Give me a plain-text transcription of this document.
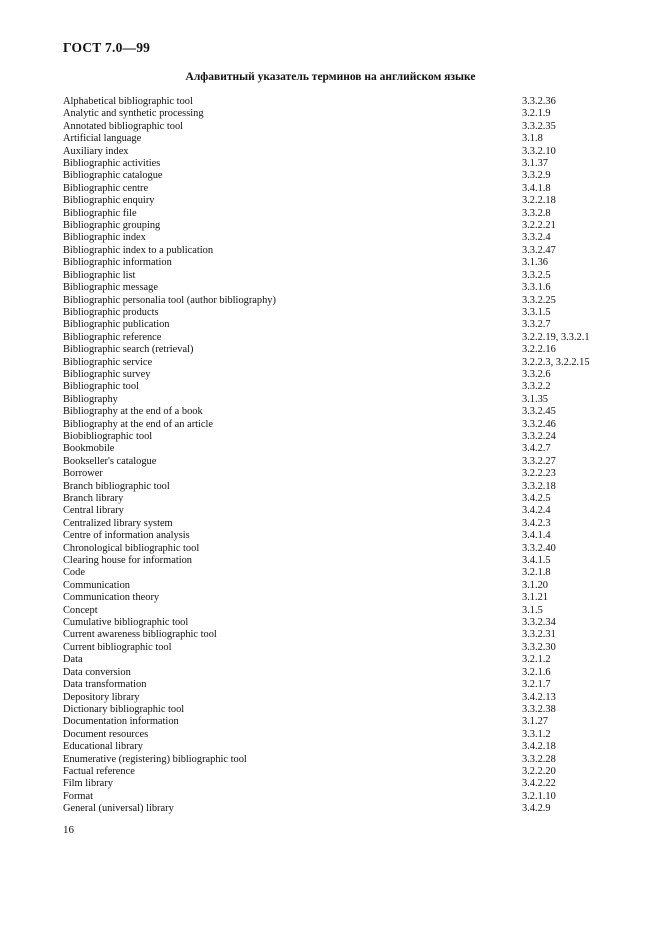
ГОСТ 7.0—99
Алфавитный указатель терминов на английском языке
Alphabetical bibliographic tool	3.3.2.36
Analytic and synthetic processing	3.2.1.9
Annotated bibliographic tool	3.3.2.35
Artificial language	3.1.8
Auxiliary index	3.3.2.10
Bibliographic activities	3.1.37
Bibliographic catalogue	3.3.2.9
Bibliographic centre	3.4.1.8
Bibliographic enquiry	3.2.2.18
Bibliographic file	3.3.2.8
Bibliographic grouping	3.2.2.21
Bibliographic index	3.3.2.4
Bibliographic index to a publication	3.3.2.47
Bibliographic information	3.1.36
Bibliographic list	3.3.2.5
Bibliographic message	3.3.1.6
Bibliographic personalia tool (author bibliography)	3.3.2.25
Bibliographic products	3.3.1.5
Bibliographic publication	3.3.2.7
Bibliographic reference	3.2.2.19, 3.3.2.1
Bibliographic search (retrieval)	3.2.2.16
Bibliographic service	3.2.2.3, 3.2.2.15
Bibliographic survey	3.3.2.6
Bibliographic tool	3.3.2.2
Bibliography	3.1.35
Bibliography at the end of a book	3.3.2.45
Bibliography at the end of an article	3.3.2.46
Biobibliographic tool	3.3.2.24
Bookmobile	3.4.2.7
Bookseller's catalogue	3.3.2.27
Borrower	3.2.2.23
Branch bibliographic tool	3.3.2.18
Branch library	3.4.2.5
Central library	3.4.2.4
Centralized library system	3.4.2.3
Centre of information analysis	3.4.1.4
Chronological bibliographic tool	3.3.2.40
Clearing house for information	3.4.1.5
Code	3.2.1.8
Communication	3.1.20
Communication theory	3.1.21
Concept	3.1.5
Cumulative bibliographic tool	3.3.2.34
Current awareness bibliographic tool	3.3.2.31
Current bibliographic tool	3.3.2.30
Data	3.2.1.2
Data conversion	3.2.1.6
Data transformation	3.2.1.7
Depository library	3.4.2.13
Dictionary bibliographic tool	3.3.2.38
Documentation information	3.1.27
Document resources	3.3.1.2
Educational library	3.4.2.18
Enumerative (registering) bibliographic tool	3.3.2.28
Factual reference	3.2.2.20
Film library	3.4.2.22
Format	3.2.1.10
General (universal) library	3.4.2.9
16
